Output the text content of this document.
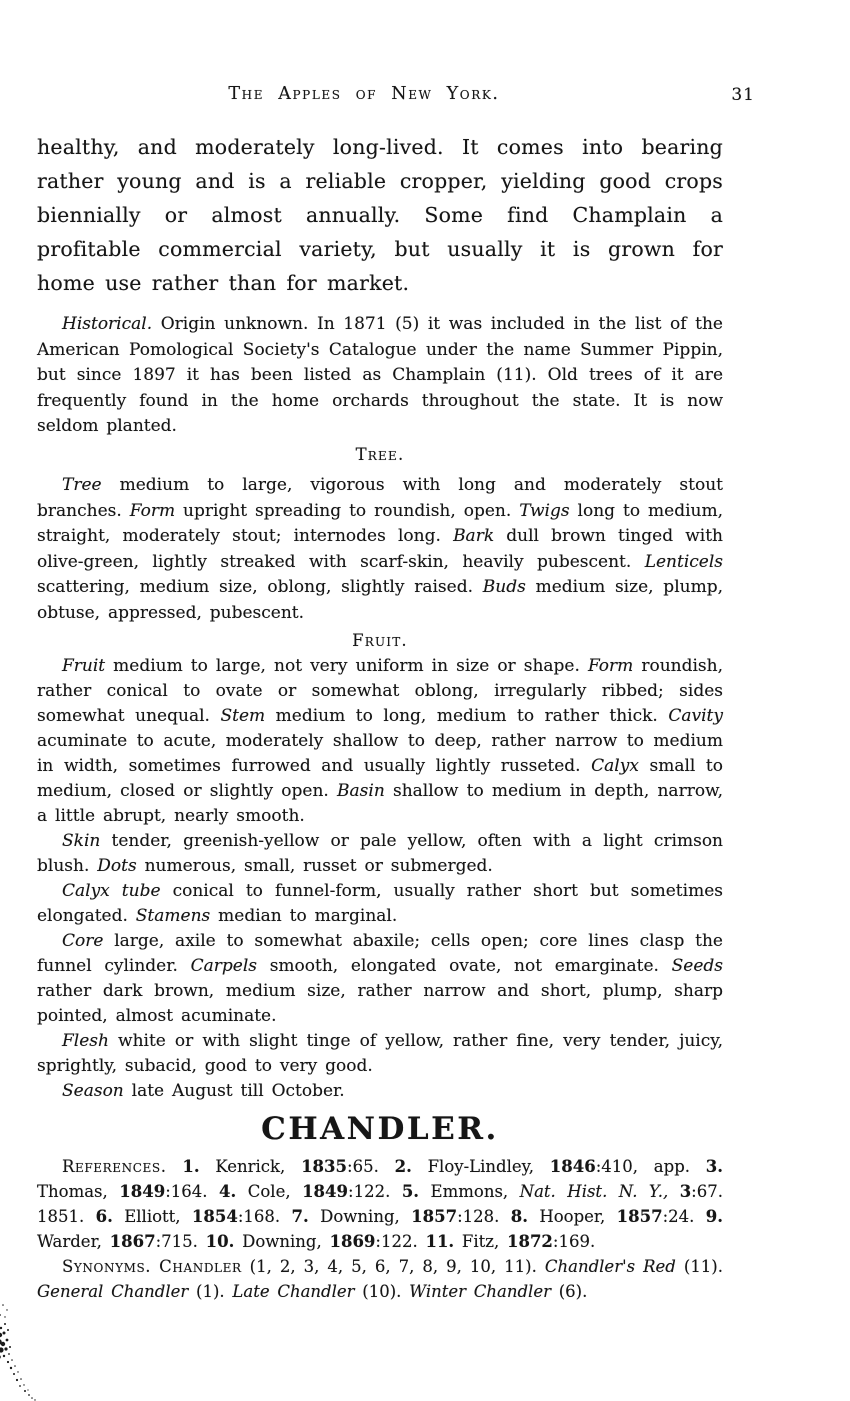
The Apples of New York.	31

healthy, and moderately long-lived. It comes into bearing rather young and is a reliable cropper, yielding good crops biennially or almost annually. Some find Champlain a profitable commercial variety, but usually it is grown for home use rather than for market.

Historical. Origin unknown. In 1871 (5) it was included in the list of the American Pomological Society's Catalogue under the name Summer Pippin, but since 1897 it has been listed as Champlain (11). Old trees of it are frequently found in the home orchards throughout the state. It is now seldom planted.

Tree.

Tree medium to large, vigorous with long and moderately stout branches. Form upright spreading to roundish, open. Twigs long to medium, straight, moderately stout; internodes long. Bark dull brown tinged with olive-green, lightly streaked with scarf-skin, heavily pubescent. Lenticels scattering, medium size, oblong, slightly raised. Buds medium size, plump, obtuse, appressed, pubescent.

Fruit.

Fruit medium to large, not very uniform in size or shape. Form roundish, rather conical to ovate or somewhat oblong, irregularly ribbed; sides somewhat unequal. Stem medium to long, medium to rather thick. Cavity acuminate to acute, moderately shallow to deep, rather narrow to medium in width, sometimes furrowed and usually lightly russeted. Calyx small to medium, closed or slightly open. Basin shallow to medium in depth, narrow, a little abrupt, nearly smooth.

Skin tender, greenish-yellow or pale yellow, often with a light crimson blush. Dots numerous, small, russet or submerged.

Calyx tube conical to funnel-form, usually rather short but sometimes elongated. Stamens median to marginal.

Core large, axile to somewhat abaxile; cells open; core lines clasp the funnel cylinder. Carpels smooth, elongated ovate, not emarginate. Seeds rather dark brown, medium size, rather narrow and short, plump, sharp pointed, almost acuminate.

Flesh white or with slight tinge of yellow, rather fine, very tender, juicy, sprightly, subacid, good to very good.

Season late August till October.

CHANDLER.

References. 1. Kenrick, 1835:65. 2. Floy-Lindley, 1846:410, app. 3. Thomas, 1849:164. 4. Cole, 1849:122. 5. Emmons, Nat. Hist. N. Y., 3:67. 1851. 6. Elliott, 1854:168. 7. Downing, 1857:128. 8. Hooper, 1857:24. 9. Warder, 1867:715. 10. Downing, 1869:122. 11. Fitz, 1872:169.

Synonyms. Chandler (1, 2, 3, 4, 5, 6, 7, 8, 9, 10, 11). Chandler's Red (11). General Chandler (1). Late Chandler (10). Winter Chandler (6).
